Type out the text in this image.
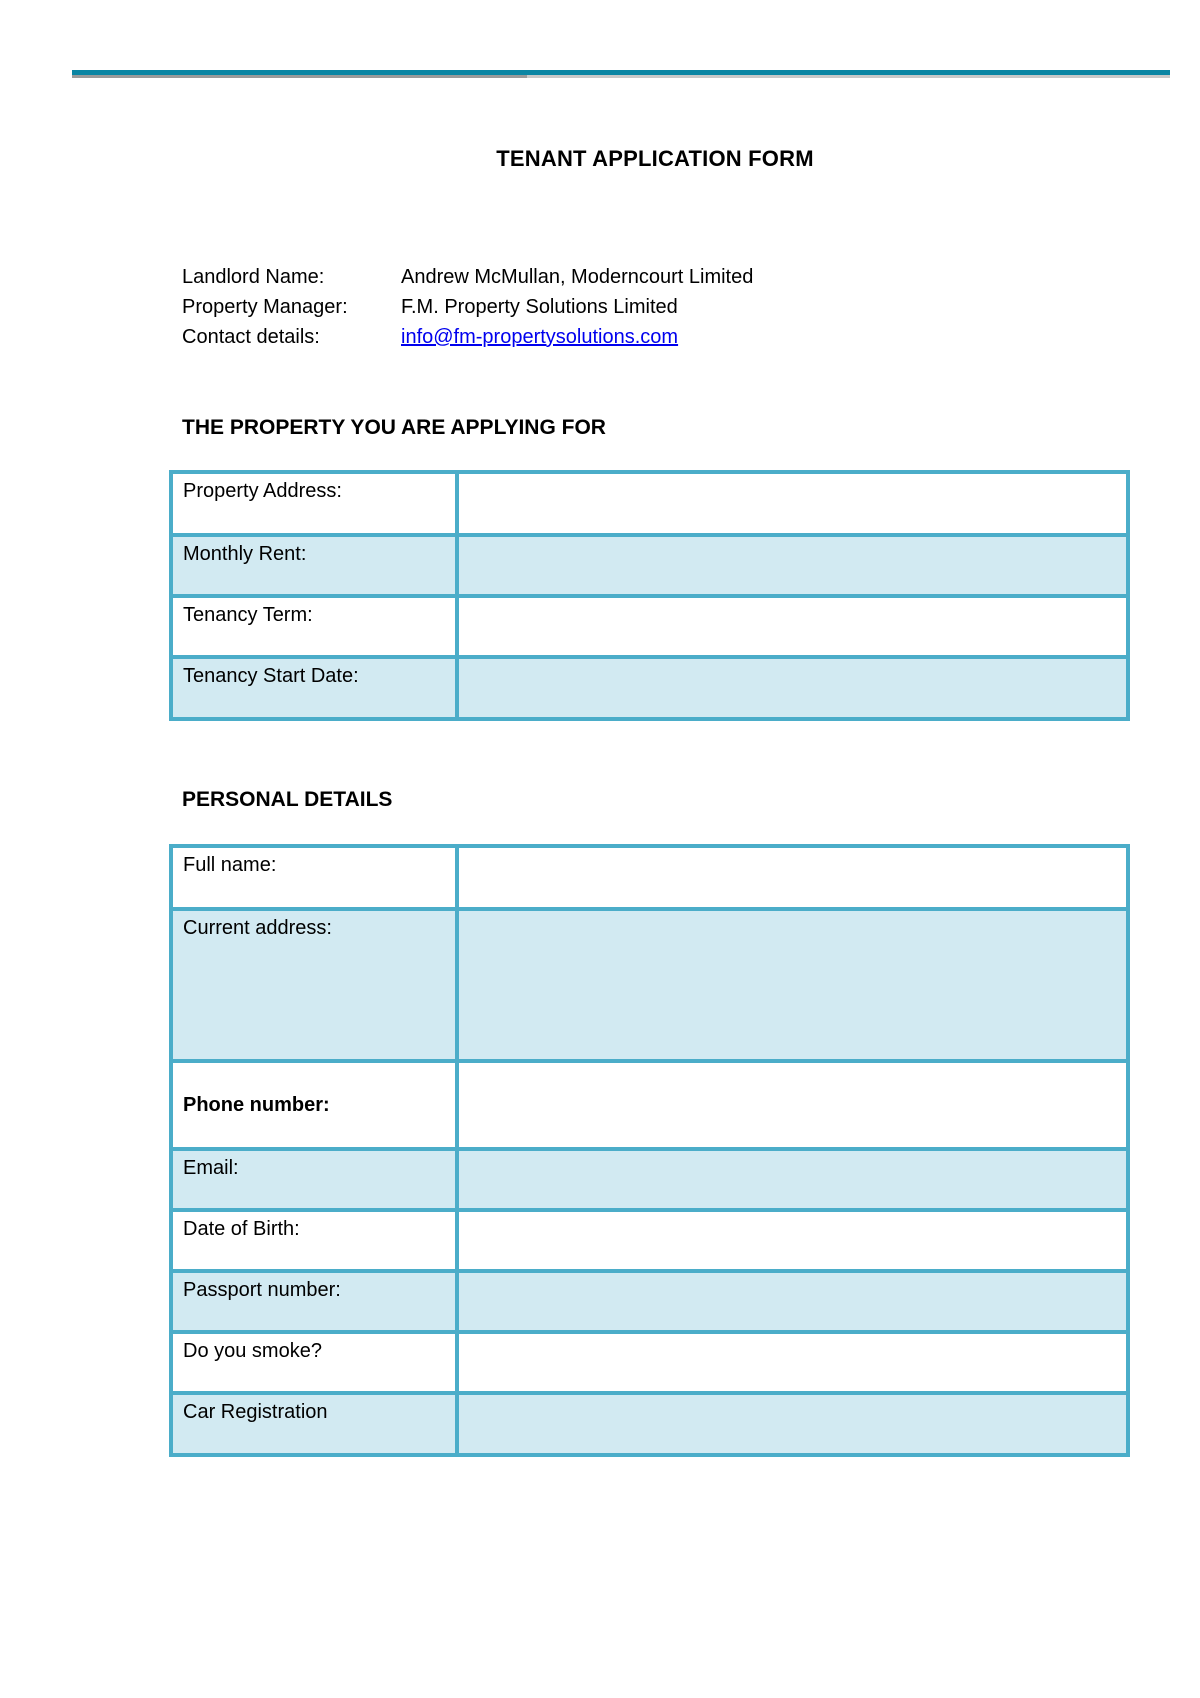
TENANT APPLICATION FORM
Landlord Name:	Andrew McMullan, Moderncourt Limited
Property Manager:	F.M. Property Solutions Limited
Contact details:	info@fm-propertysolutions.com
THE PROPERTY YOU ARE APPLYING FOR
Property Address:	
Monthly Rent:	
Tenancy Term:	
Tenancy Start Date:	
PERSONAL DETAILS
Full name:	
Current address:	
Phone number:	
Email:	
Date of Birth:	
Passport number:	
Do you smoke?	
Car Registration	
